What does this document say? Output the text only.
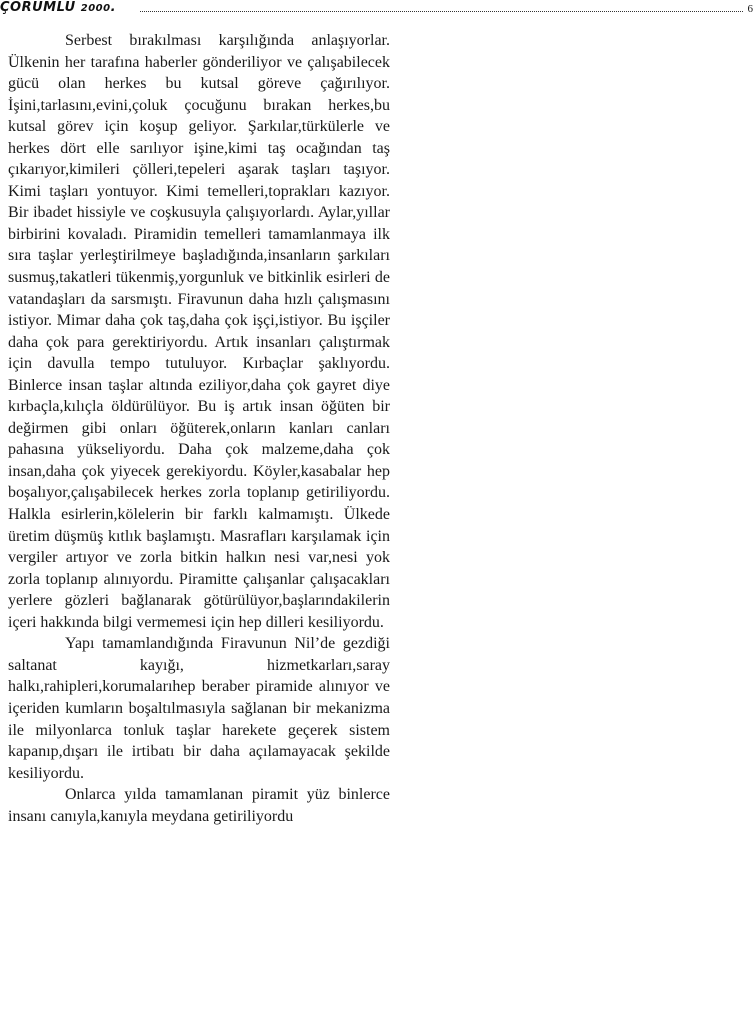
ÇORUMLU 2000.	6

Serbest bırakılması karşılığında anlaşıyorlar. Ülkenin her tarafına haberler gönderiliyor ve çalışabilecek gücü olan herkes bu kutsal göreve çağırılıyor. İşini,tarlasını,evini,çoluk çocuğunu bırakan herkes,bu kutsal görev için koşup geliyor. Şarkılar,türkülerle ve herkes dört elle sarılıyor işine,kimi taş ocağından taş çıkarıyor,kimileri çölleri,tepeleri aşarak taşları taşıyor. Kimi taşları yontuyor. Kimi temelleri,toprakları kazıyor. Bir ibadet hissiyle ve coşkusuyla çalışıyorlardı. Aylar,yıllar birbirini kovaladı. Piramidin temelleri tamamlanmaya ilk sıra taşlar yerleştirilmeye başladığında,insanların şarkıları susmuş,takatleri tükenmiş,yorgunluk ve bitkinlik esirleri de vatandaşları da sarsmıştı. Firavunun daha hızlı çalışmasını istiyor. Mimar daha çok taş,daha çok işçi,istiyor. Bu işçiler daha çok para gerektiriyordu. Artık insanları çalıştırmak için davulla tempo tutuluyor. Kırbaçlar şaklıyordu. Binlerce insan taşlar altında eziliyor,daha çok gayret diye kırbaçla,kılıçla öldürülüyor. Bu iş artık insan öğüten bir değirmen gibi onları öğüterek,onların kanları canları pahasına yükseliyordu. Daha çok malzeme,daha çok insan,daha çok yiyecek gerekiyordu. Köyler,kasabalar hep boşalıyor,çalışabilecek herkes zorla toplanıp getiriliyordu. Halkla esirlerin,kölelerin bir farklı kalmamıştı. Ülkede üretim düşmüş kıtlık başlamıştı. Masrafları karşılamak için vergiler artıyor ve zorla bitkin halkın nesi var,nesi yok zorla toplanıp alınıyordu. Piramitte çalışanlar çalışacakları yerlere gözleri bağlanarak götürülüyor,başlarındakilerin içeri hakkında bilgi vermemesi için hep dilleri kesiliyordu.

Yapı tamamlandığında Firavunun Nil’de gezdiği saltanat kayığı, hizmetkarları,saray halkı,rahipleri,korumalarıhep beraber piramide alınıyor ve içeriden kumların boşaltılmasıyla sağlanan bir mekanizma ile milyonlarca tonluk taşlar harekete geçerek sistem kapanıp,dışarı ile irtibatı bir daha açılamayacak şekilde kesiliyordu.

Onlarca yılda tamamlanan piramit yüz binlerce insanı canıyla,kanıyla meydana getiriliyordu
